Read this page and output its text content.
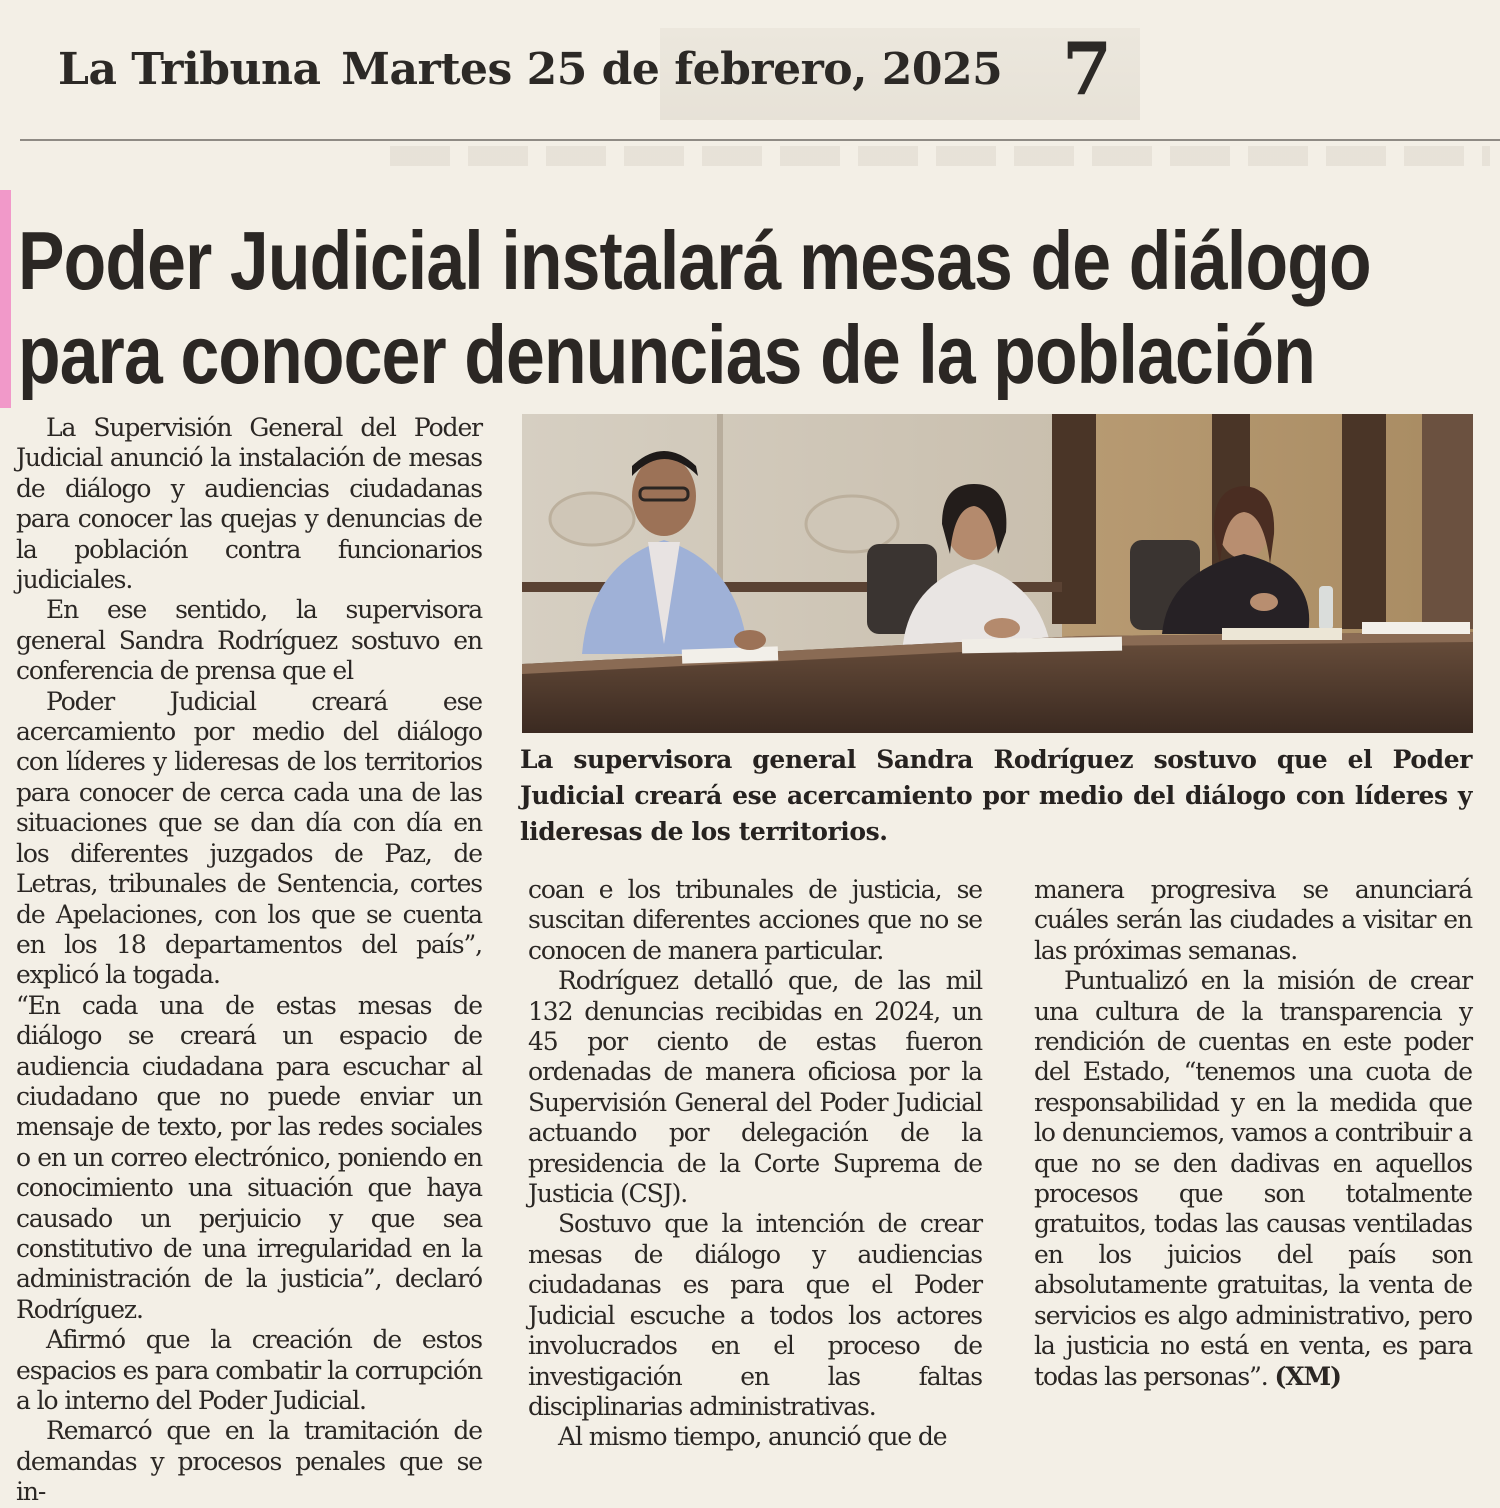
La Tribuna Martes 25 de febrero, 2025 7
Poder Judicial instalará mesas de diálogo
para conocer denuncias de la población

La Supervisión General del Poder Judicial anunció la instalación de mesas de diálogo y audiencias ciudadanas para conocer las quejas y denuncias de la población contra funcionarios judiciales.

En ese sentido, la supervisora general Sandra Rodríguez sostuvo en conferencia de prensa que el

Poder Judicial creará ese acercamiento por medio del diálogo con líderes y lideresas de los territorios para conocer de cerca cada una de las situaciones que se dan día con día en los diferentes juzgados de Paz, de Letras, tribunales de Sentencia, cortes de Apelaciones, con los que se cuenta en los 18 departamentos del país”, explicó la togada.

“En cada una de estas mesas de diálogo se creará un espacio de audiencia ciudadana para escuchar al ciudadano que no puede enviar un mensaje de texto, por las redes sociales o en un correo electrónico, poniendo en conocimiento una situación que haya causado un perjuicio y que sea constitutivo de una irregularidad en la administración de la justicia”, declaró Rodríguez.

Afirmó que la creación de estos espacios es para combatir la corrupción a lo interno del Poder Judicial.

Remarcó que en la tramitación de demandas y procesos penales que se in-

La supervisora general Sandra Rodríguez sostuvo que el Poder Judicial creará ese acercamiento por medio del diálogo con líderes y lideresas de los territorios.

coan e los tribunales de justicia, se suscitan diferentes acciones que no se conocen de manera particular.

Rodríguez detalló que, de las mil 132 denuncias recibidas en 2024, un 45 por ciento de estas fueron ordenadas de manera oficiosa por la Supervisión General del Poder Judicial actuando por delegación de la presidencia de la Corte Suprema de Justicia (CSJ).

Sostuvo que la intención de crear mesas de diálogo y audiencias ciudadanas es para que el Poder Judicial escuche a todos los actores involucrados en el proceso de investigación en las faltas disciplinarias administrativas.

Al mismo tiempo, anunció que de

manera progresiva se anunciará cuáles serán las ciudades a visitar en las próximas semanas.

Puntualizó en la misión de crear una cultura de la transparencia y rendición de cuentas en este poder del Estado, “tenemos una cuota de responsabilidad y en la medida que lo denunciemos, vamos a contribuir a que no se den dadivas en aquellos procesos que son totalmente gratuitos, todas las causas ventiladas en los juicios del país son absolutamente gratuitas, la venta de servicios es algo administrativo, pero la justicia no está en venta, es para todas las personas”. (XM)
